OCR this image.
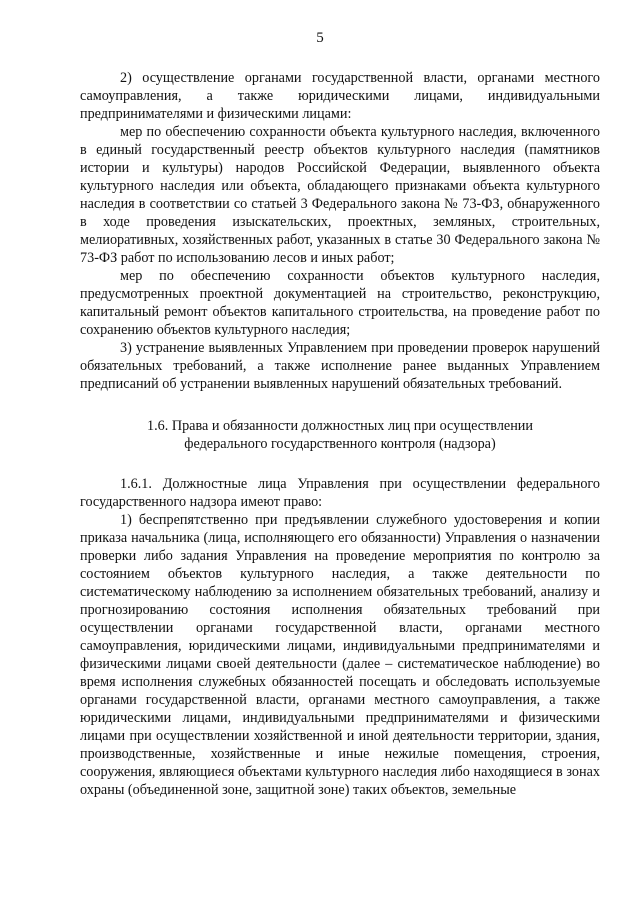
5

2) осуществление органами государственной власти, органами местного самоуправления, а также юридическими лицами, индивидуальными предпринимателями и физическими лицами:

мер по обеспечению сохранности объекта культурного наследия, включенного в единый государственный реестр объектов культурного наследия (памятников истории и культуры) народов Российской Федерации, выявленного объекта культурного наследия или объекта, обладающего признаками объекта культурного наследия в соответствии со статьей 3 Федерального закона № 73-ФЗ, обнаруженного в ходе проведения изыскательских, проектных, земляных, строительных, мелиоративных, хозяйственных работ, указанных в статье 30 Федерального закона № 73-ФЗ работ по использованию лесов и иных работ;

мер по обеспечению сохранности объектов культурного наследия, предусмотренных проектной документацией на строительство, реконструкцию, капитальный ремонт объектов капитального строительства, на проведение работ по сохранению объектов культурного наследия;

3) устранение выявленных Управлением при проведении проверок нарушений обязательных требований, а также исполнение ранее выданных Управлением предписаний об устранении выявленных нарушений обязательных требований.

1.6. Права и обязанности должностных лиц при осуществлении
федерального государственного контроля (надзора)

1.6.1. Должностные лица Управления при осуществлении федерального государственного надзора имеют право:

1) беспрепятственно при предъявлении служебного удостоверения и копии приказа начальника (лица, исполняющего его обязанности) Управления о назначении проверки либо задания Управления на проведение мероприятия по контролю за состоянием объектов культурного наследия, а также деятельности по систематическому наблюдению за исполнением обязательных требований, анализу и прогнозированию состояния исполнения обязательных требований при осуществлении органами государственной власти, органами местного самоуправления, юридическими лицами, индивидуальными предпринимателями и физическими лицами своей деятельности (далее – систематическое наблюдение) во время исполнения служебных обязанностей посещать и обследовать используемые органами государственной власти, органами местного самоуправления, а также юридическими лицами, индивидуальными предпринимателями и физическими лицами при осуществлении хозяйственной и иной деятельности территории, здания, производственные, хозяйственные и иные нежилые помещения, строения, сооружения, являющиеся объектами культурного наследия либо находящиеся в зонах охраны (объединенной зоне, защитной зоне) таких объектов, земельные
